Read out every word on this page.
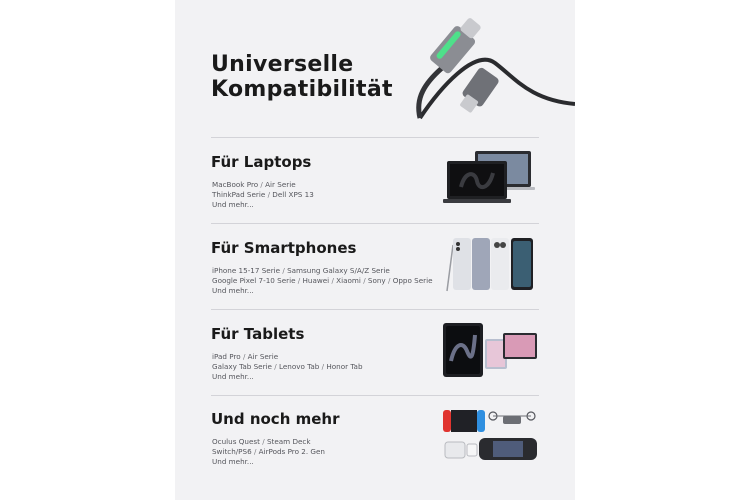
Universelle
Kompatibilität
Für Laptops
MacBook Pro / Air Serie
ThinkPad Serie / Dell XPS 13
Und mehr...
Für Smartphones
iPhone 15-17 Serie / Samsung Galaxy S/A/Z Serie
Google Pixel 7-10 Serie / Huawei / Xiaomi / Sony / Oppo Serie
Und mehr...
Für Tablets
iPad Pro / Air Serie
Galaxy Tab Serie / Lenovo Tab / Honor Tab
Und mehr...
Und noch mehr
Oculus Quest / Steam Deck
Switch/PS6 / AirPods Pro 2. Gen
Und mehr...
